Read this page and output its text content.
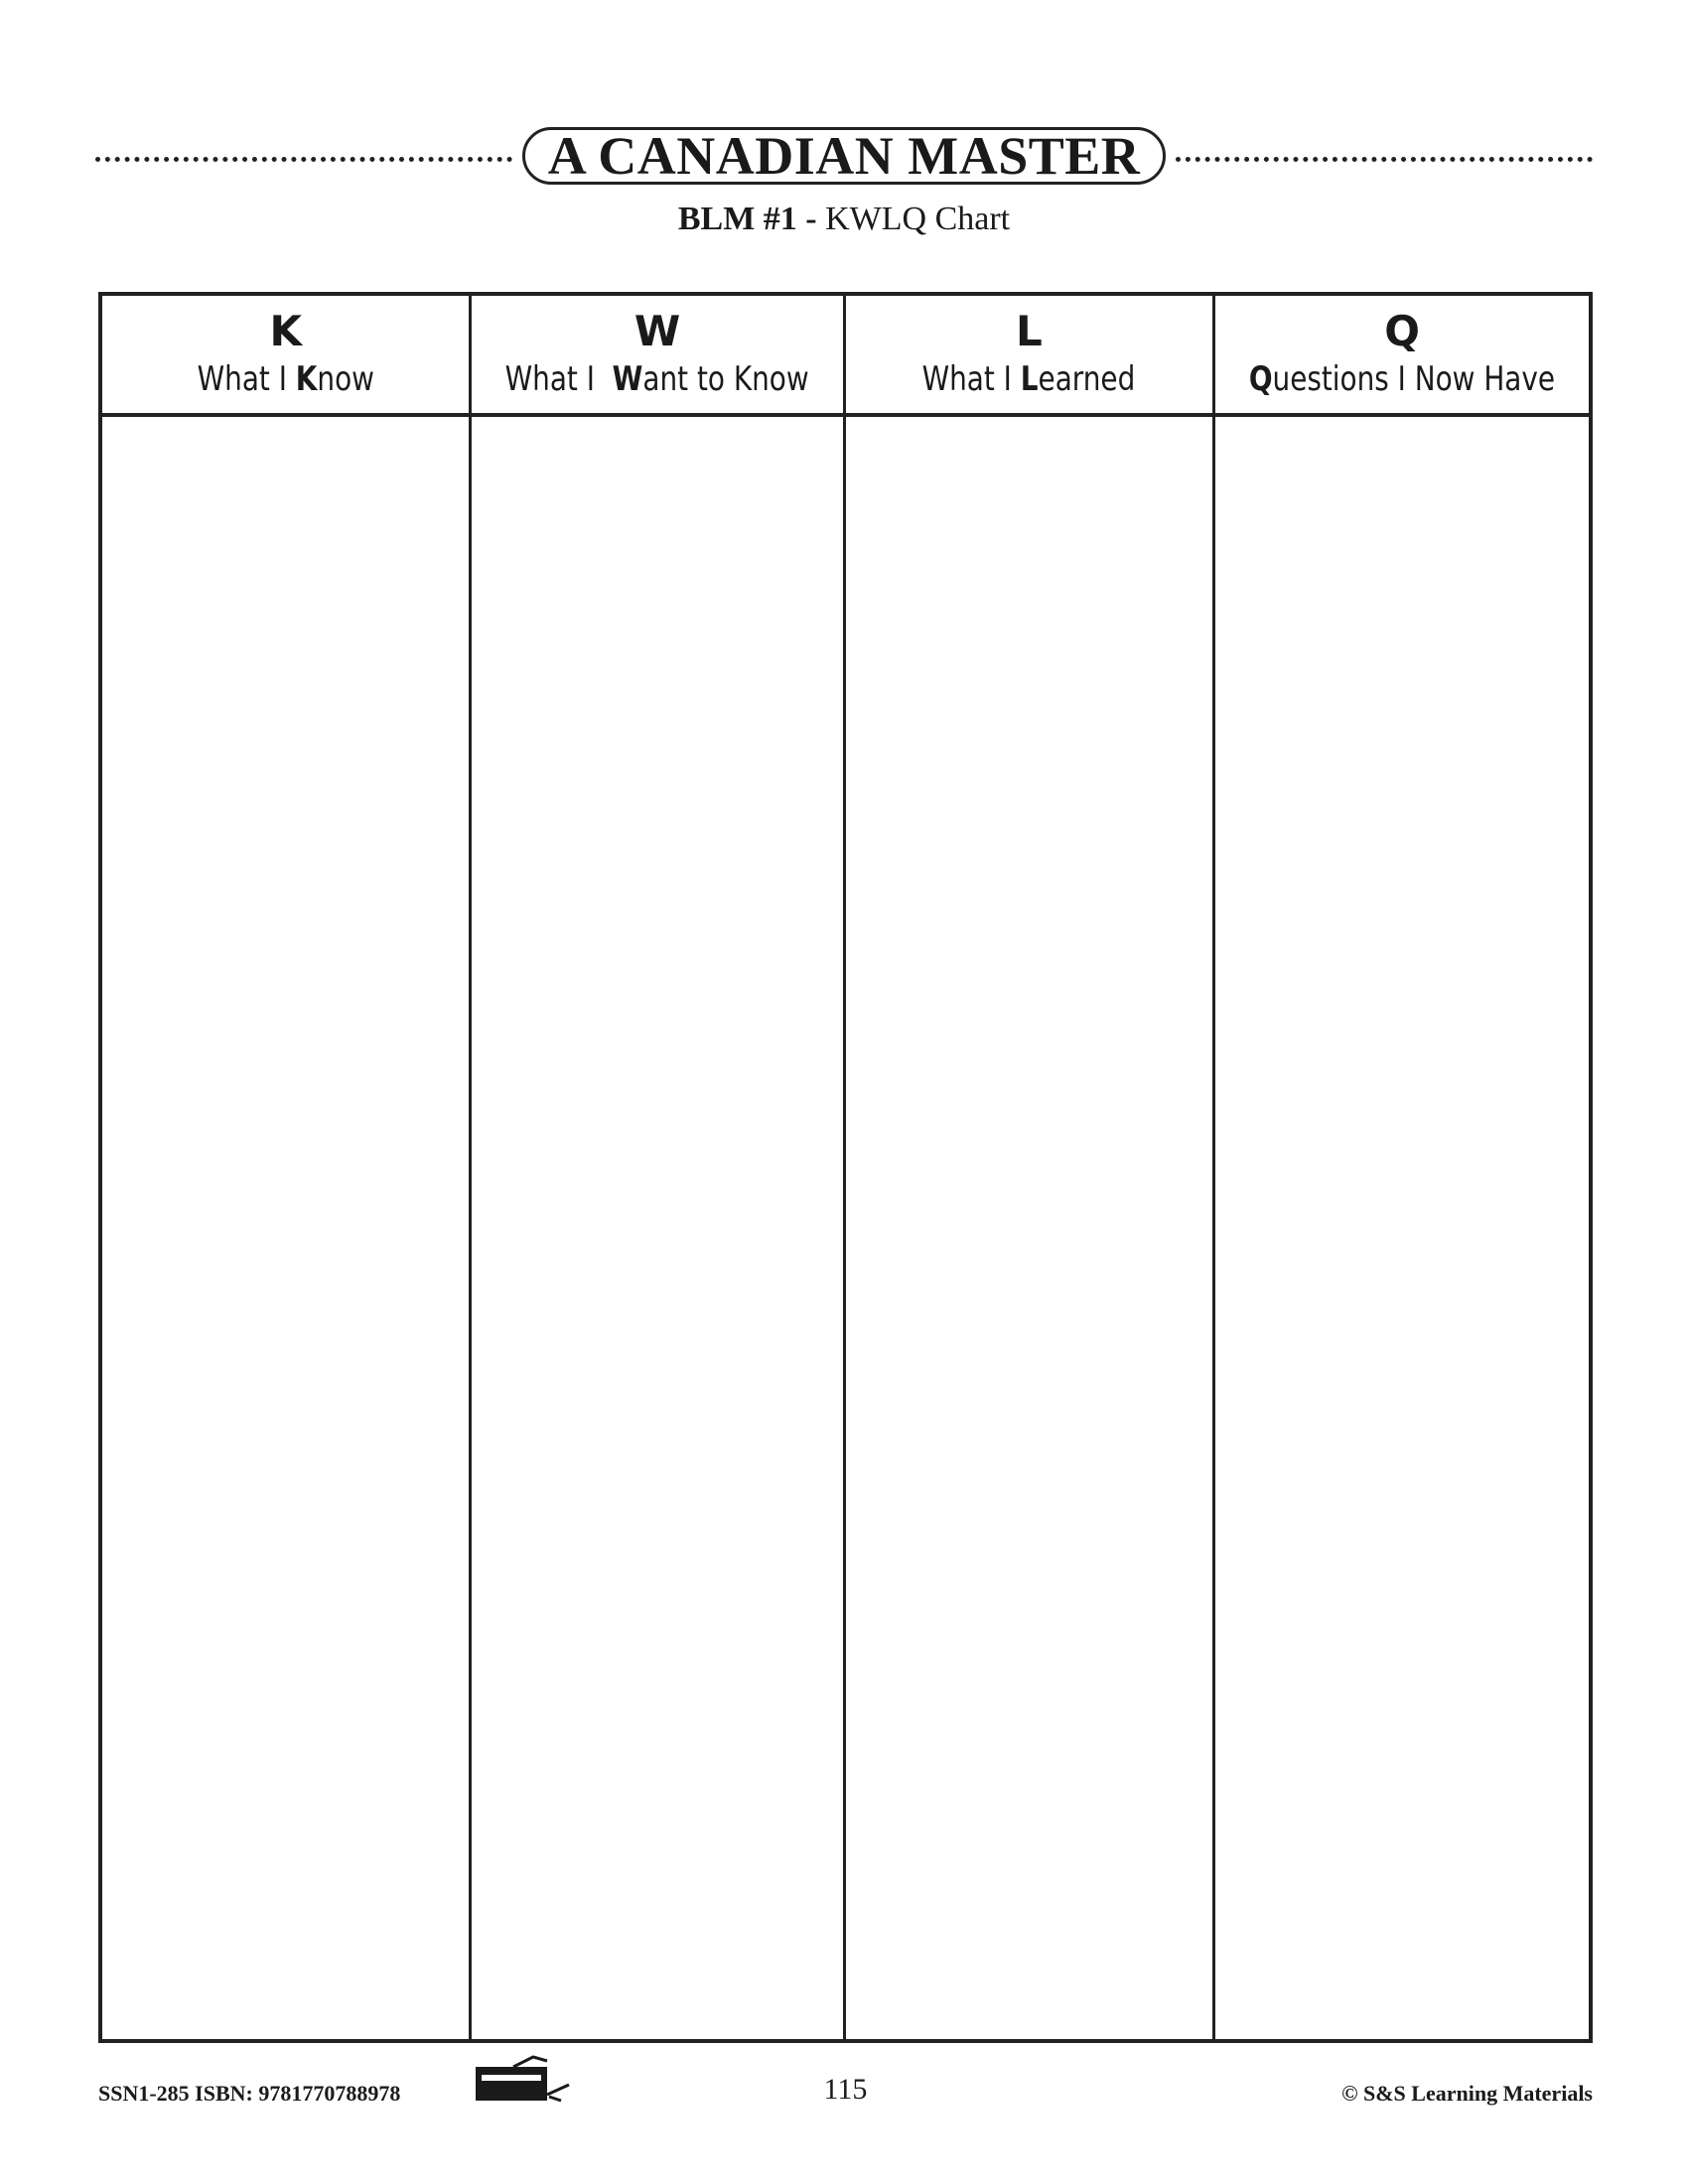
A CANADIAN MASTER
BLM #1 - KWLQ Chart
K
What I Know
W
What I  Want to Know
L
What I Learned
Q
Questions I Now Have
SSN1-285 ISBN: 9781770788978	115	© S&S Learning Materials
